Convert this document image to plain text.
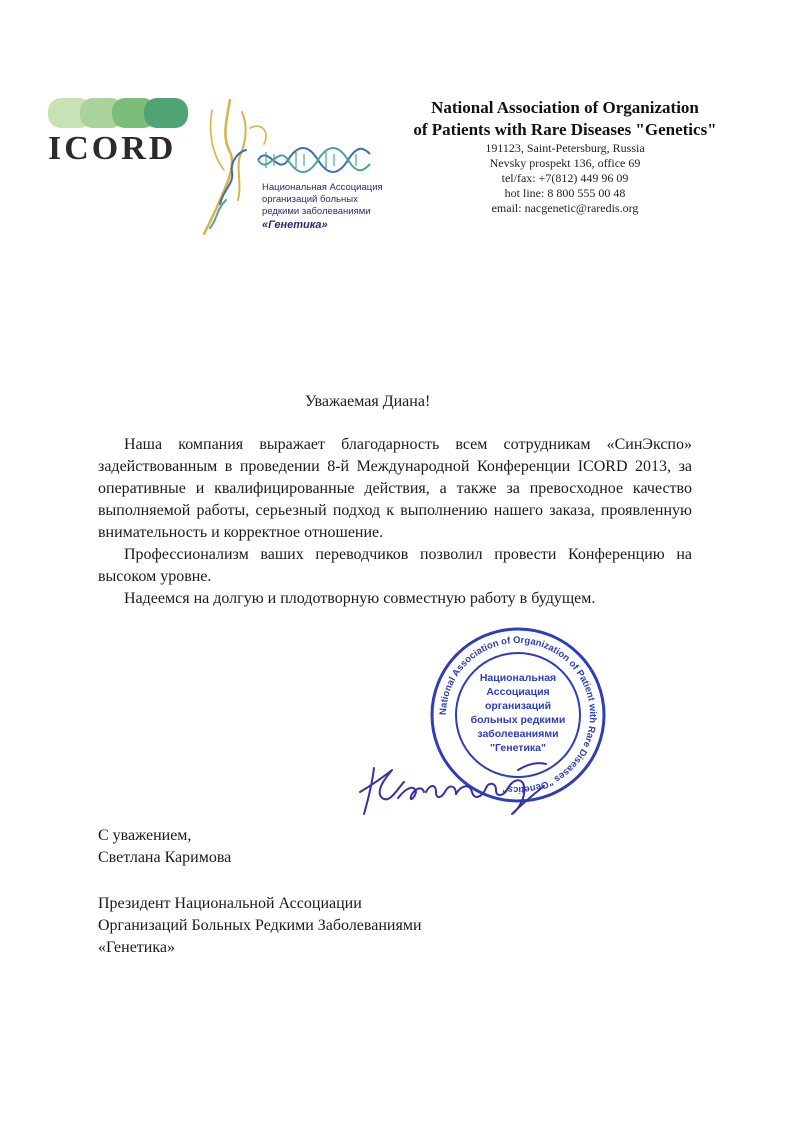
ICORD
Национальная Ассоциация
организаций больных
редкими заболеваниями
«Генетика»
National Association of Organization
of Patients with Rare Diseases "Genetics"
191123, Saint-Petersburg, Russia
Nevsky prospekt 136, office 69
tel/fax: +7(812) 449 96 09
hot line: 8 800 555 00 48
email: nacgenetic@raredis.org
Уважаемая Диана!

Наша компания выражает благодарность всем сотрудникам «СинЭкспо» задействованным в проведении 8-й Международной Конференции ICORD 2013, за оперативные и квалифицированные действия, а также за превосходное качество выполняемой работы, серьезный подход к выполнению нашего заказа, проявленную внимательность и корректное отношение.

Профессионализм ваших переводчиков позволил провести Конференцию на высоком уровне.

Надеемся на долгую и плодотворную совместную работу в будущем.

National Association of Organization of Patient with Rare Diseases "Genetics"
Национальная
Ассоциация
организаций
больных редкими
заболеваниями
"Генетика"
С уважением,
Светлана Каримова
Президент Национальной Ассоциации
Организаций Больных Редкими Заболеваниями
«Генетика»
